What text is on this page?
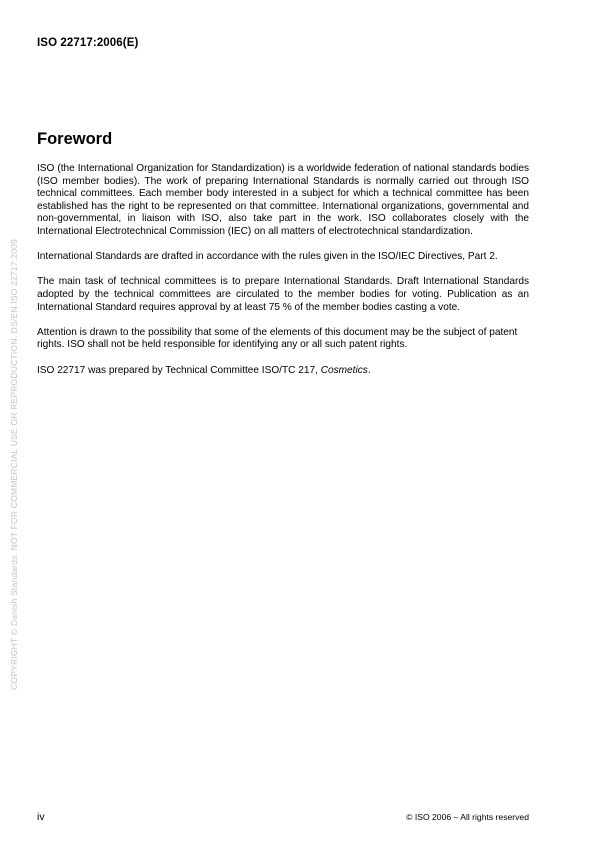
ISO 22717:2006(E)
COPYRIGHT © Danish Standards. NOT FOR COMMERCIAL USE OR REPRODUCTION. DS/EN ISO 22717:2009
Foreword

ISO (the International Organization for Standardization) is a worldwide federation of national standards bodies (ISO member bodies). The work of preparing International Standards is normally carried out through ISO technical committees. Each member body interested in a subject for which a technical committee has been established has the right to be represented on that committee. International organizations, governmental and non-governmental, in liaison with ISO, also take part in the work. ISO collaborates closely with the International Electrotechnical Commission (IEC) on all matters of electrotechnical standardization.

International Standards are drafted in accordance with the rules given in the ISO/IEC Directives, Part 2.

The main task of technical committees is to prepare International Standards. Draft International Standards adopted by the technical committees are circulated to the member bodies for voting. Publication as an International Standard requires approval by at least 75 % of the member bodies casting a vote.

Attention is drawn to the possibility that some of the elements of this document may be the subject of patent rights. ISO shall not be held responsible for identifying any or all such patent rights.

ISO 22717 was prepared by Technical Committee ISO/TC 217, Cosmetics.

iv	© ISO 2006 – All rights reserved
